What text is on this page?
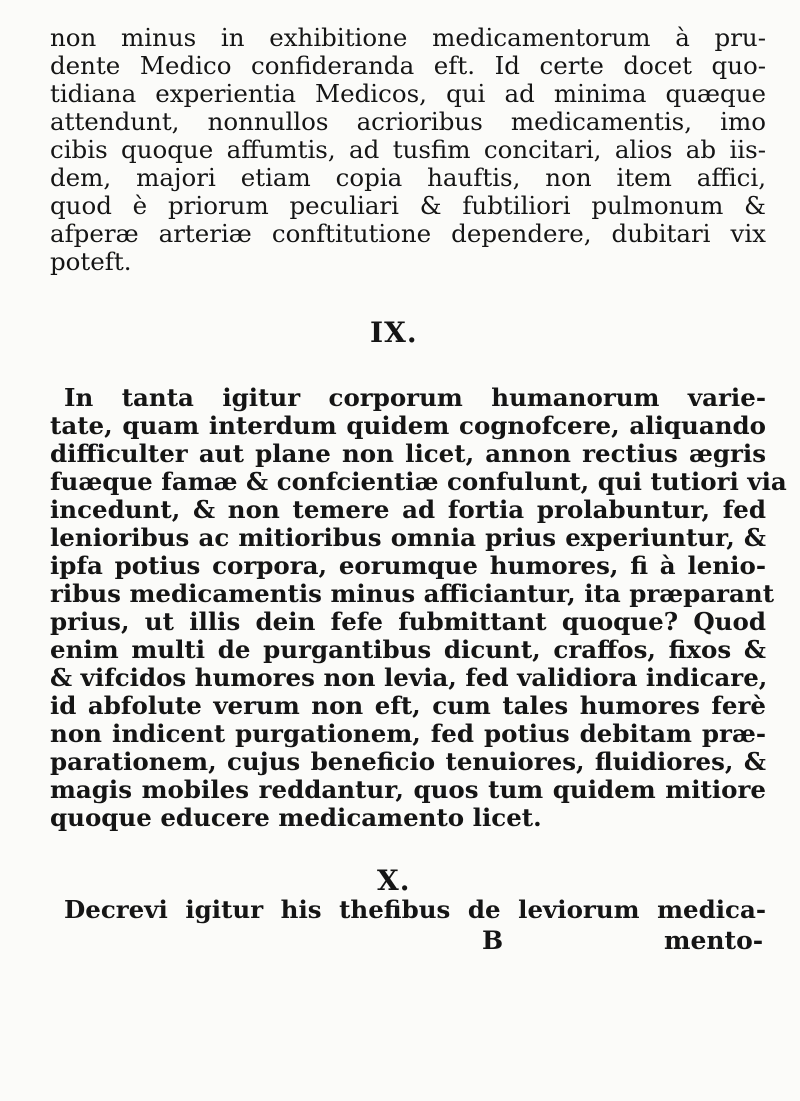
non minus in exhibitione medicamentorum à pru-
dente Medico confideranda eft. Id certe docet quo-
tidiana experientia Medicos, qui ad minima quæque
attendunt, nonnullos acrioribus medicamentis, imo
cibis quoque affumtis, ad tusfim concitari, alios ab iis-
dem, majori etiam copia hauftis, non item affici,
quod è priorum peculiari & fubtiliori pulmonum &
afperæ arteriæ conftitutione dependere, dubitari vix
poteft.
IX.
In tanta igitur corporum humanorum varie-
tate, quam interdum quidem cognofcere, aliquando
difficulter aut plane non licet, annon rectius ægris
fuæque famæ & confcientiæ confulunt, qui tutiori via
incedunt, & non temere ad fortia prolabuntur, fed
lenioribus ac mitioribus omnia prius experiuntur, &
ipfa potius corpora, eorumque humores, fi à lenio-
ribus medicamentis minus afficiantur, ita præparant
prius, ut illis dein fefe fubmittant quoque? Quod
enim multi de purgantibus dicunt, craffos, fixos &
& vifcidos humores non levia, fed validiora indicare,
id abfolute verum non eft, cum tales humores ferè
non indicent purgationem, fed potius debitam præ-
parationem, cujus beneficio tenuiores, fluidiores, &
magis mobiles reddantur, quos tum quidem mitiore
quoque educere medicamento licet.
X.
Decrevi igitur his thefibus de leviorum medica-
B	mento-
